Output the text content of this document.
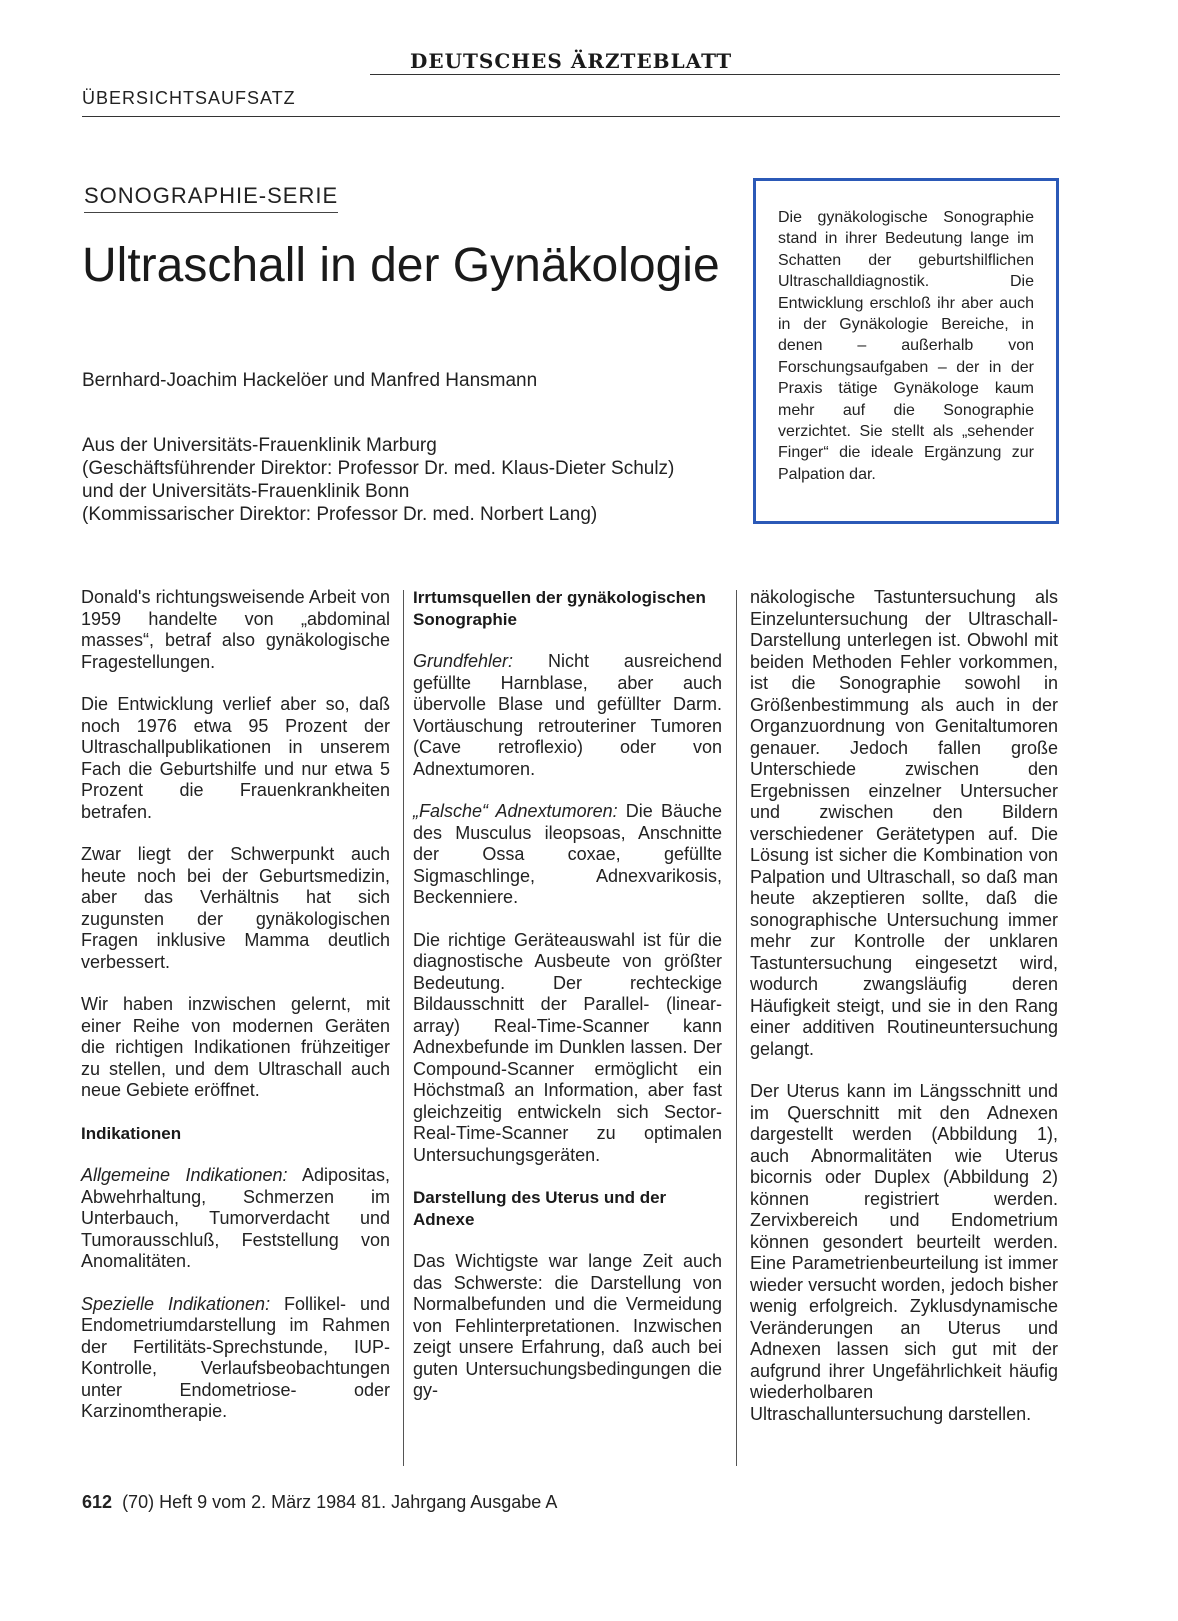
DEUTSCHES ÄRZTEBLATT
ÜBERSICHTSAUFSATZ
SONOGRAPHIE-SERIE
Ultraschall in der Gynäkologie
Bernhard-Joachim Hackelöer und Manfred Hansmann
Aus der Universitäts-Frauenklinik Marburg
(Geschäftsführender Direktor: Professor Dr. med. Klaus-Dieter Schulz)
und der Universitäts-Frauenklinik Bonn
(Kommissarischer Direktor: Professor Dr. med. Norbert Lang)
Die gynäkologische Sonographie stand in ihrer Bedeutung lange im Schatten der geburtshilflichen Ultraschalldiagnostik. Die Entwicklung erschloß ihr aber auch in der Gynäkologie Bereiche, in denen – außerhalb von Forschungsaufgaben – der in der Praxis tätige Gynäkologe kaum mehr auf die Sonographie verzichtet. Sie stellt als „sehender Finger“ die ideale Ergänzung zur Palpation dar.

Donald's richtungsweisende Arbeit von 1959 handelte von „abdominal masses“, betraf also gynäkologische Fragestellungen.

Die Entwicklung verlief aber so, daß noch 1976 etwa 95 Prozent der Ultraschallpublikationen in unserem Fach die Geburtshilfe und nur etwa 5 Prozent die Frauenkrankheiten betrafen.

Zwar liegt der Schwerpunkt auch heute noch bei der Geburtsmedizin, aber das Verhältnis hat sich zugunsten der gynäkologischen Fragen inklusive Mamma deutlich verbessert.

Wir haben inzwischen gelernt, mit einer Reihe von modernen Geräten die richtigen Indikationen frühzeitiger zu stellen, und dem Ultraschall auch neue Gebiete eröffnet.

Indikationen

Allgemeine Indikationen: Adipositas, Abwehrhaltung, Schmerzen im Unterbauch, Tumorverdacht und Tumorausschluß, Feststellung von Anomalitäten.

Spezielle Indikationen: Follikel- und Endometriumdarstellung im Rahmen der Fertilitäts-Sprechstunde, IUP-Kontrolle, Verlaufsbeobachtungen unter Endometriose- oder Karzinomtherapie.

Irrtumsquellen der gynäkologischen Sonographie

Grundfehler: Nicht ausreichend gefüllte Harnblase, aber auch übervolle Blase und gefüllter Darm. Vortäuschung retrouteriner Tumoren (Cave retroflexio) oder von Adnextumoren.

„Falsche“ Adnextumoren: Die Bäuche des Musculus ileopsoas, Anschnitte der Ossa coxae, gefüllte Sigmaschlinge, Adnexvarikosis, Beckenniere.

Die richtige Geräteauswahl ist für die diagnostische Ausbeute von größter Bedeutung. Der rechteckige Bildausschnitt der Parallel- (linear-array) Real-Time-Scanner kann Adnexbefunde im Dunklen lassen. Der Compound-Scanner ermöglicht ein Höchstmaß an Information, aber fast gleichzeitig entwickeln sich Sector-Real-Time-Scanner zu optimalen Untersuchungsgeräten.

Darstellung des Uterus und der Adnexe

Das Wichtigste war lange Zeit auch das Schwerste: die Darstellung von Normalbefunden und die Vermeidung von Fehlinterpretationen. Inzwischen zeigt unsere Erfahrung, daß auch bei guten Untersuchungsbedingungen die gy-

näkologische Tastuntersuchung als Einzeluntersuchung der Ultraschall-Darstellung unterlegen ist. Obwohl mit beiden Methoden Fehler vorkommen, ist die Sonographie sowohl in Größenbestimmung als auch in der Organzuordnung von Genitaltumoren genauer. Jedoch fallen große Unterschiede zwischen den Ergebnissen einzelner Untersucher und zwischen den Bildern verschiedener Gerätetypen auf. Die Lösung ist sicher die Kombination von Palpation und Ultraschall, so daß man heute akzeptieren sollte, daß die sonographische Untersuchung immer mehr zur Kontrolle der unklaren Tastuntersuchung eingesetzt wird, wodurch zwangsläufig deren Häufigkeit steigt, und sie in den Rang einer additiven Routineuntersuchung gelangt.

Der Uterus kann im Längsschnitt und im Querschnitt mit den Adnexen dargestellt werden (Abbildung 1), auch Abnormalitäten wie Uterus bicornis oder Duplex (Abbildung 2) können registriert werden. Zervixbereich und Endometrium können gesondert beurteilt werden. Eine Parametrienbeurteilung ist immer wieder versucht worden, jedoch bisher wenig erfolgreich. Zyklusdynamische Veränderungen an Uterus und Adnexen lassen sich gut mit der aufgrund ihrer Ungefährlichkeit häufig wiederholbaren Ultraschalluntersuchung darstellen.

612 (70) Heft 9 vom 2. März 1984 81. Jahrgang Ausgabe A
